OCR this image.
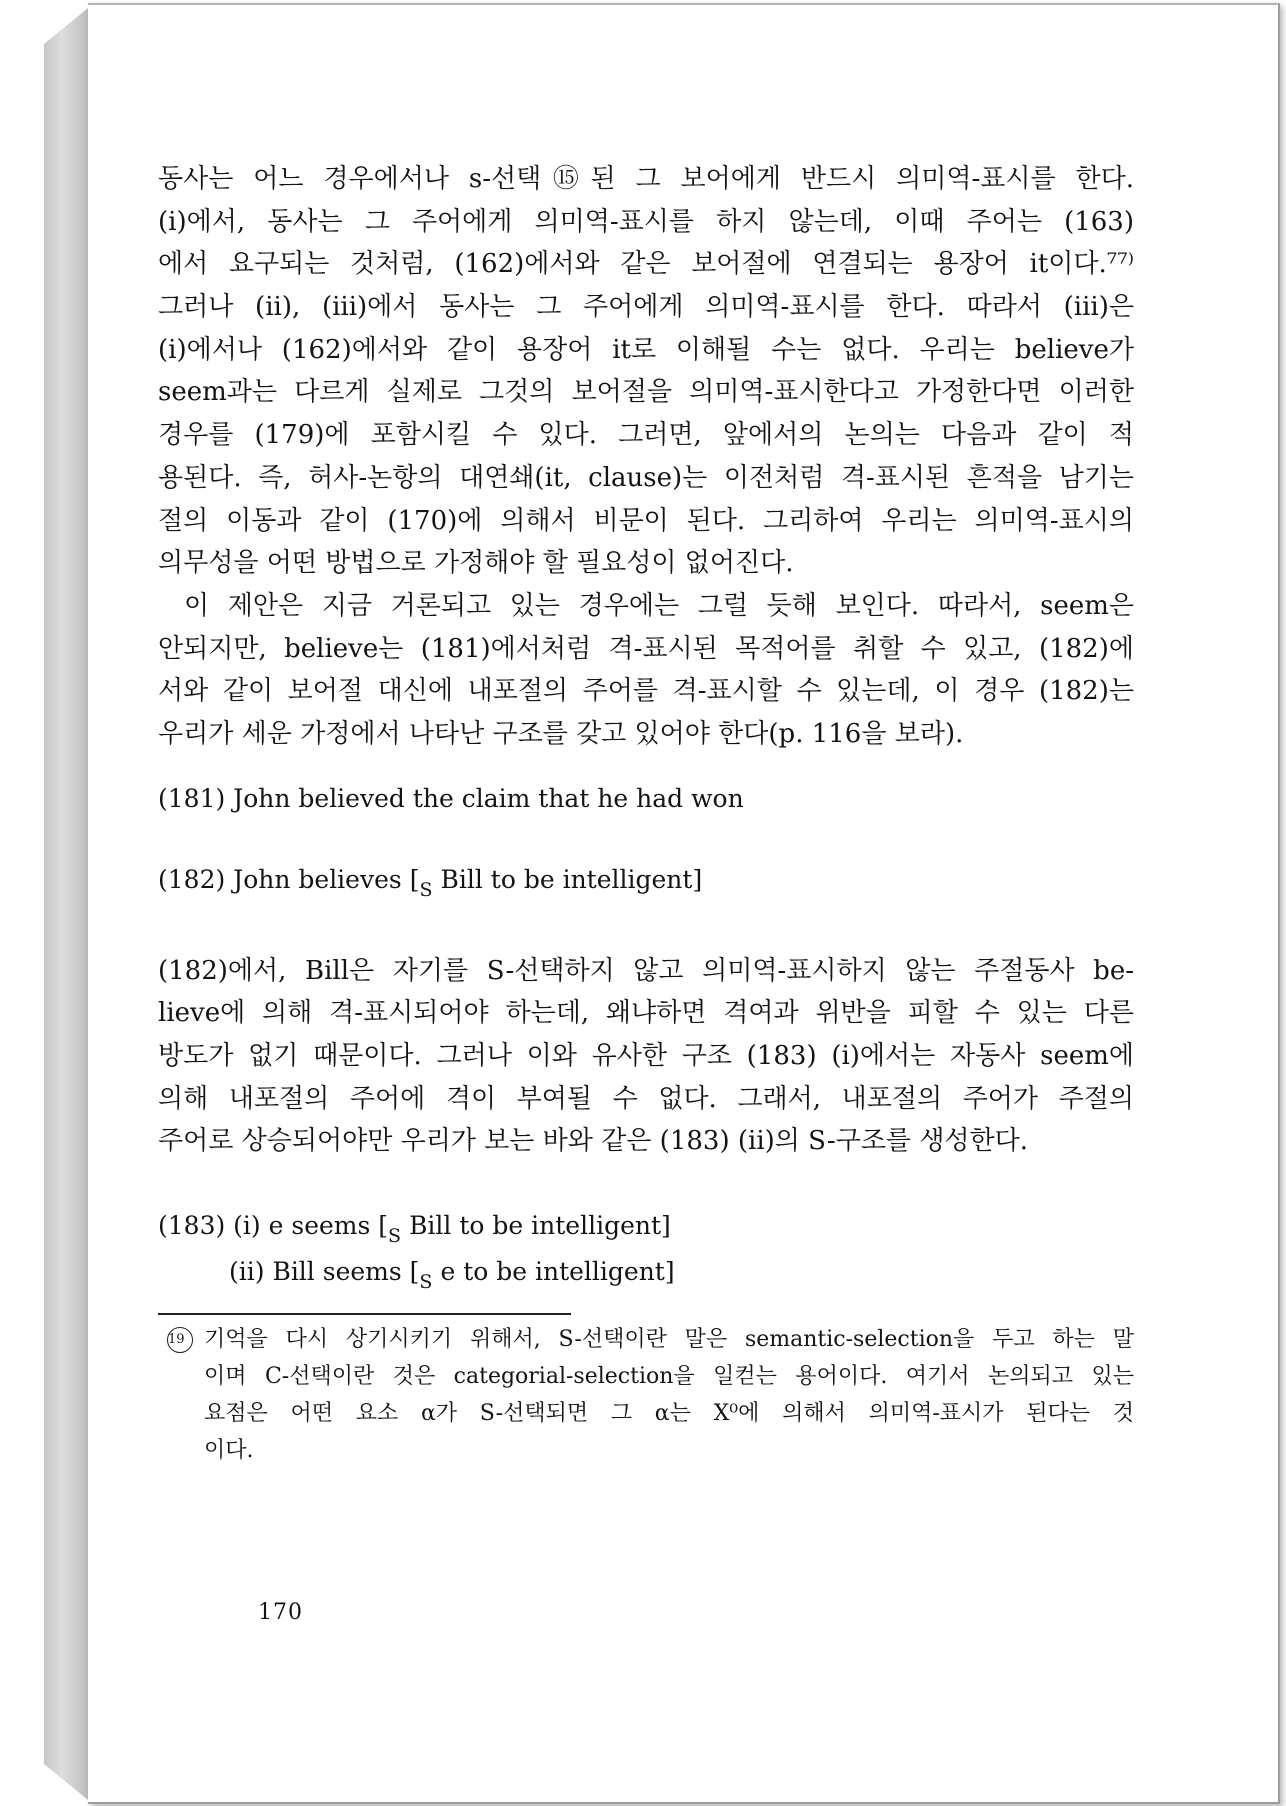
동사는 어느 경우에서나 s-선택⑮된 그 보어에게 반드시 의미역-표시를 한다.
(i)에서, 동사는 그 주어에게 의미역-표시를 하지 않는데, 이때 주어는 (163)
에서 요구되는 것처럼, (162)에서와 같은 보어절에 연결되는 용장어 it이다.⁷⁷⁾
그러나 (ii), (iii)에서 동사는 그 주어에게 의미역-표시를 한다. 따라서 (iii)은
(i)에서나 (162)에서와 같이 용장어 it로 이해될 수는 없다. 우리는 believe가
seem과는 다르게 실제로 그것의 보어절을 의미역-표시한다고 가정한다면 이러한
경우를 (179)에 포함시킬 수 있다. 그러면, 앞에서의 논의는 다음과 같이 적
용된다. 즉, 허사-논항의 대연쇄(it, clause)는 이전처럼 격-표시된 흔적을 남기는
절의 이동과 같이 (170)에 의해서 비문이 된다. 그리하여 우리는 의미역-표시의
의무성을 어떤 방법으로 가정해야 할 필요성이 없어진다.
이 제안은 지금 거론되고 있는 경우에는 그럴 듯해 보인다. 따라서, seem은
안되지만, believe는 (181)에서처럼 격-표시된 목적어를 취할 수 있고, (182)에
서와 같이 보어절 대신에 내포절의 주어를 격-표시할 수 있는데, 이 경우 (182)는
우리가 세운 가정에서 나타난 구조를 갖고 있어야 한다(p. 116을 보라).
(181) John believed the claim that he had won
(182) John believes [$_S$ Bill to be intelligent]
(182)에서, Bill은 자기를 S-선택하지 않고 의미역-표시하지 않는 주절동사 be-
lieve에 의해 격-표시되어야 하는데, 왜냐하면 격여과 위반을 피할 수 있는 다른
방도가 없기 때문이다. 그러나 이와 유사한 구조 (183) (i)에서는 자동사 seem에
의해 내포절의 주어에 격이 부여될 수 없다. 그래서, 내포절의 주어가 주절의
주어로 상승되어야만 우리가 보는 바와 같은 (183) (ii)의 S-구조를 생성한다.
(183) (i) e seems [$_S$ Bill to be intelligent]
(ii) Bill seems [$_S$ e to be intelligent]
19 기억을 다시 상기시키기 위해서, S-선택이란 말은 semantic-selection을 두고 하는 말
이며 C-선택이란 것은 categorial-selection을 일컫는 용어이다. 여기서 논의되고 있는
요점은 어떤 요소 α가 S-선택되면 그 α는 X⁰에 의해서 의미역-표시가 된다는 것
이다.
170
